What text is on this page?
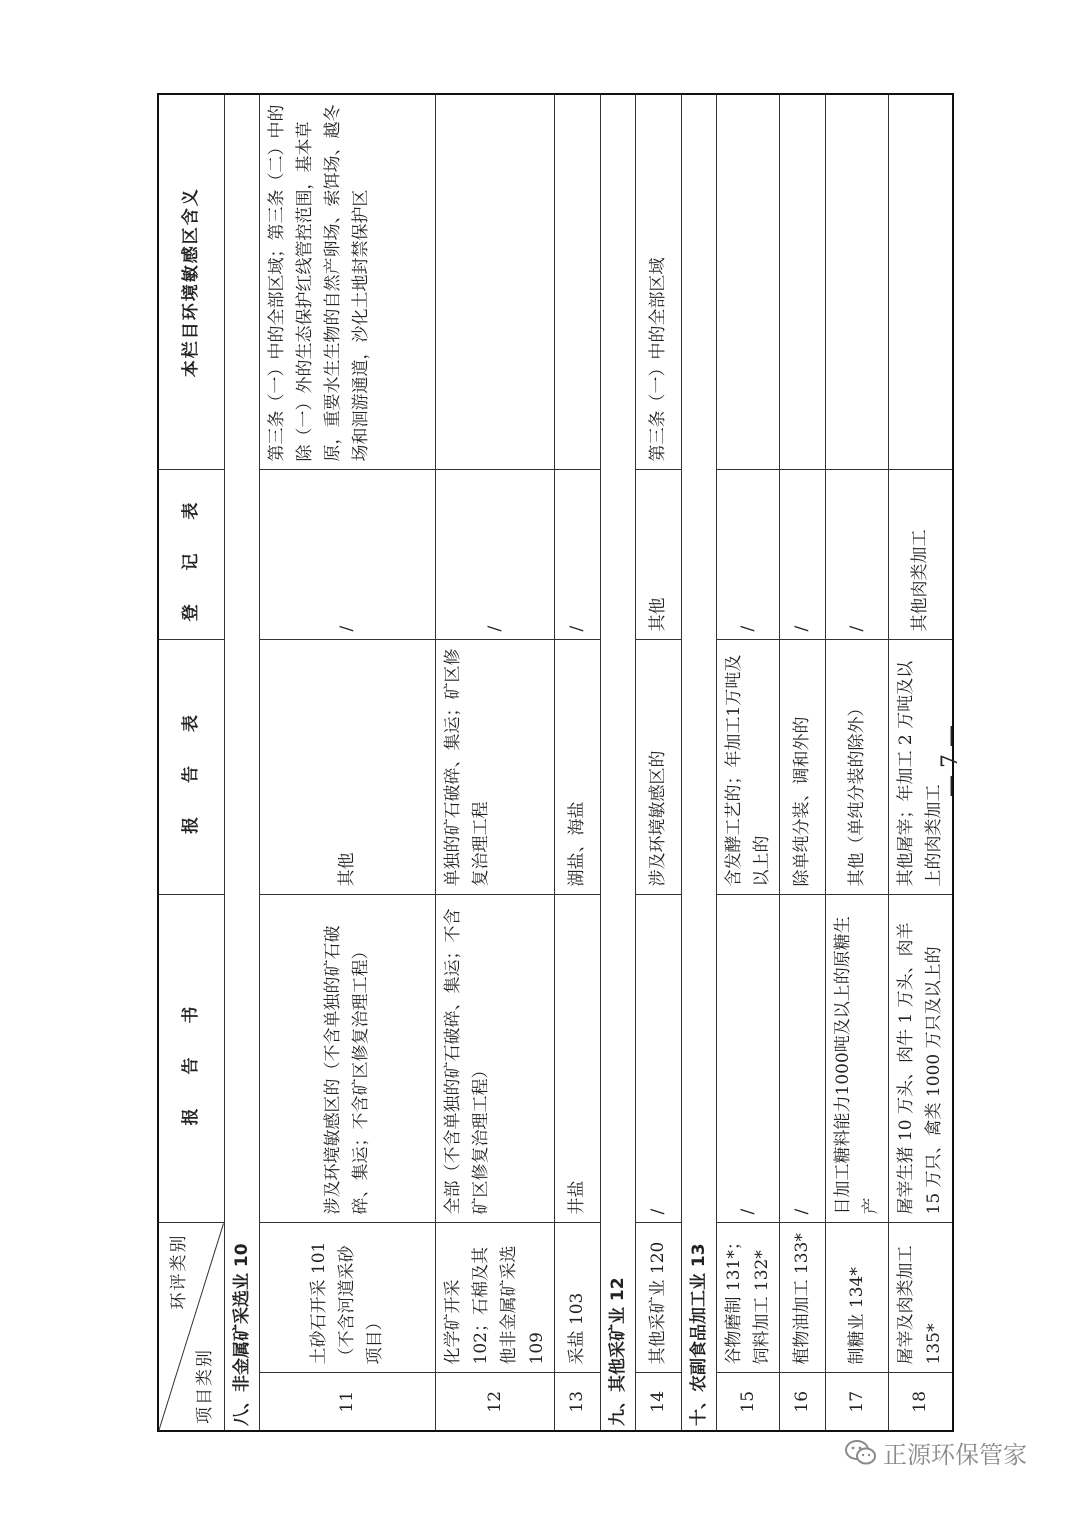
环评类别
项目类别		报 告 书	报 告 表	登 记 表	本栏目环境敏感区含义
八、非金属矿采选业 10					
11	土砂石开采 101（不含河道采砂项目）	涉及环境敏感区的（不含单独的矿石破碎、集运；不含矿区修复治理工程）	其他	/	第三条（一）中的全部区域；第三条（二）中的除（一）外的生态保护红线管控范围，基本草原，重要水生生物的自然产卵场、索饵场、越冬场和洄游通道，沙化土地封禁保护区
12	化学矿开采 102；石棉及其他非金属矿采选 109	全部（不含单独的矿石破碎、集运；不含矿区修复治理工程）	单独的矿石破碎、集运；矿区修复治理工程	/	
13	采盐 103	井盐	湖盐、海盐	/	
九、其他采矿业 12					
14	其他采矿业 120	/	涉及环境敏感区的	其他	第三条（一）中的全部区域
十、农副食品加工业 13					
15	谷物磨制 131*；饲料加工 132*	/	含发酵工艺的；年加工1万吨及以上的	/	
16	植物油加工 133*	/	除单纯分装、调和外的	/	
17	制糖业 134*	日加工糖料能力1000吨及以上的原糖生产	其他（单纯分装的除外）	/	
18	屠宰及肉类加工 135*	屠宰生猪 10 万头、肉牛 1 万头、肉羊 15 万只、禽类 1000 万只及以上的	其他屠宰；年加工 2 万吨及以上的肉类加工	其他肉类加工	
— 7 —
正源环保管家
